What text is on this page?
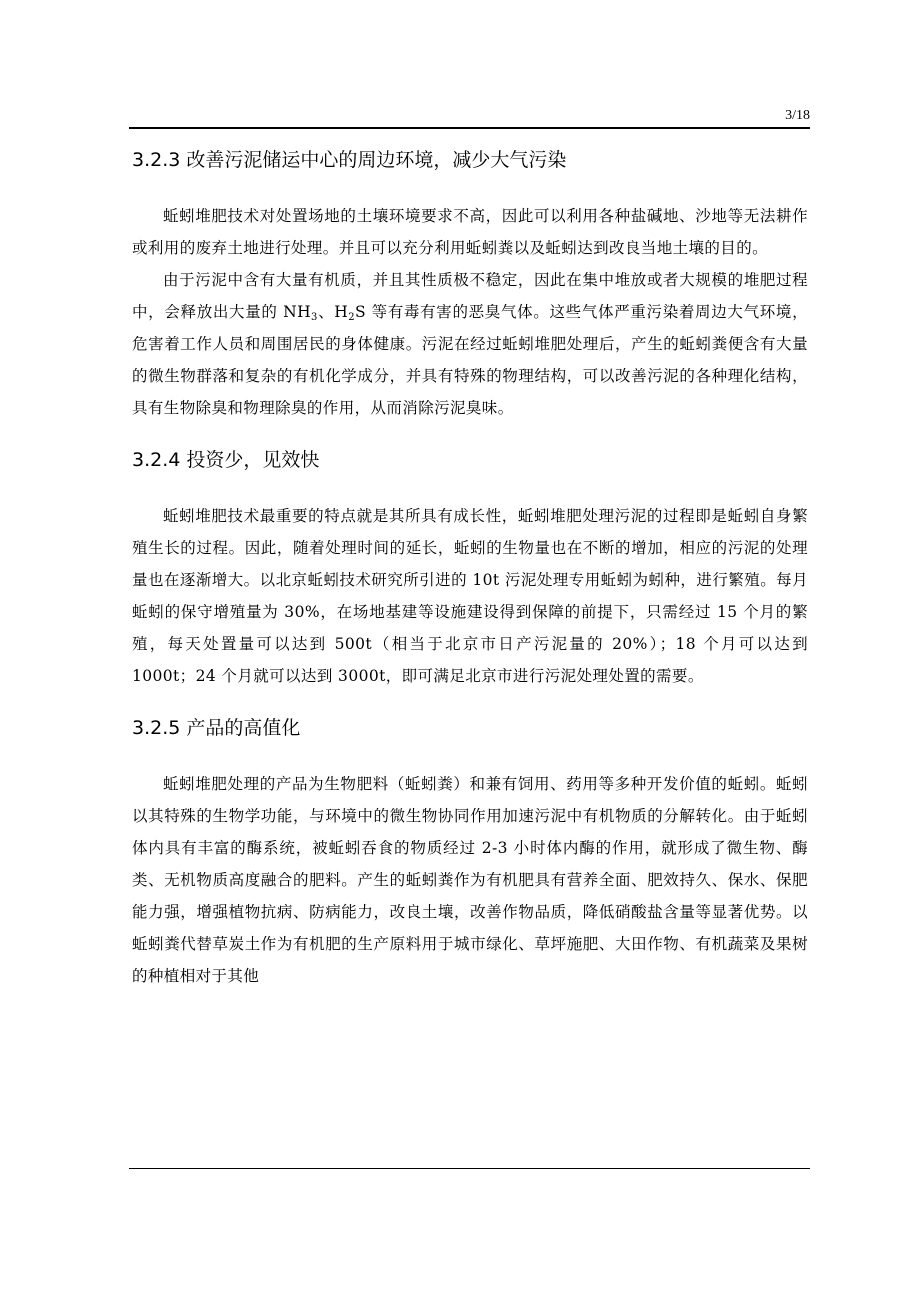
3/18
3.2.3 改善污泥储运中心的周边环境，减少大气污染

蚯蚓堆肥技术对处置场地的土壤环境要求不高，因此可以利用各种盐碱地、沙地等无法耕作或利用的废弃土地进行处理。并且可以充分利用蚯蚓粪以及蚯蚓达到改良当地土壤的目的。

由于污泥中含有大量有机质，并且其性质极不稳定，因此在集中堆放或者大规模的堆肥过程中，会释放出大量的 $NH_3$、$H_2S$ 等有毒有害的恶臭气体。这些气体严重污染着周边大气环境，危害着工作人员和周围居民的身体健康。污泥在经过蚯蚓堆肥处理后，产生的蚯蚓粪便含有大量的微生物群落和复杂的有机化学成分，并具有特殊的物理结构，可以改善污泥的各种理化结构，具有生物除臭和物理除臭的作用，从而消除污泥臭味。

3.2.4 投资少，见效快

蚯蚓堆肥技术最重要的特点就是其所具有成长性，蚯蚓堆肥处理污泥的过程即是蚯蚓自身繁殖生长的过程。因此，随着处理时间的延长，蚯蚓的生物量也在不断的增加，相应的污泥的处理量也在逐渐增大。以北京蚯蚓技术研究所引进的 10t 污泥处理专用蚯蚓为蚓种，进行繁殖。每月蚯蚓的保守增殖量为 30%，在场地基建等设施建设得到保障的前提下，只需经过 15 个月的繁殖，每天处置量可以达到 500t（相当于北京市日产污泥量的 20%）；18 个月可以达到 1000t；24 个月就可以达到 3000t，即可满足北京市进行污泥处理处置的需要。

3.2.5 产品的高值化

蚯蚓堆肥处理的产品为生物肥料（蚯蚓粪）和兼有饲用、药用等多种开发价值的蚯蚓。蚯蚓以其特殊的生物学功能，与环境中的微生物协同作用加速污泥中有机物质的分解转化。由于蚯蚓体内具有丰富的酶系统，被蚯蚓吞食的物质经过 2-3 小时体内酶的作用，就形成了微生物、酶类、无机物质高度融合的肥料。产生的蚯蚓粪作为有机肥具有营养全面、肥效持久、保水、保肥能力强，增强植物抗病、防病能力，改良土壤，改善作物品质，降低硝酸盐含量等显著优势。以蚯蚓粪代替草炭土作为有机肥的生产原料用于城市绿化、草坪施肥、大田作物、有机蔬菜及果树的种植相对于其他
